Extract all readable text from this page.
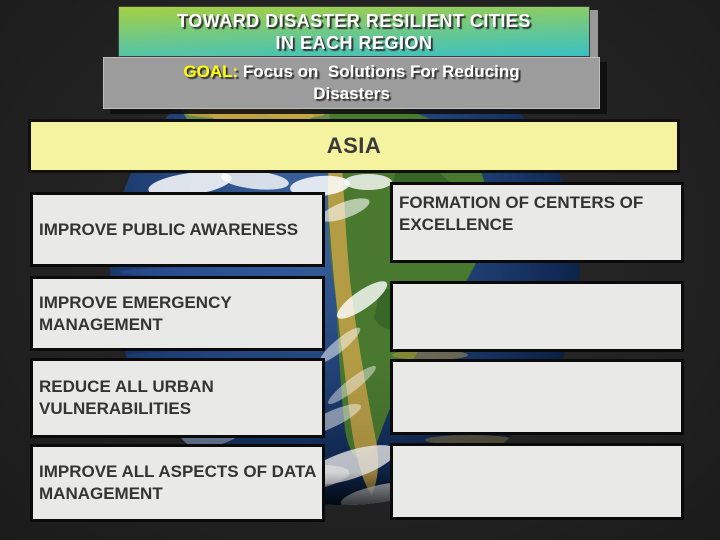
TOWARD DISASTER RESILIENT CITIES
IN EACH REGION
GOAL: Focus on  Solutions For Reducing
Disasters
ASIA
IMPROVE PUBLIC AWARENESS
IMPROVE EMERGENCY MANAGEMENT
REDUCE ALL URBAN VULNERABILITIES
IMPROVE ALL ASPECTS OF DATA MANAGEMENT
FORMATION OF CENTERS OF EXCELLENCE
